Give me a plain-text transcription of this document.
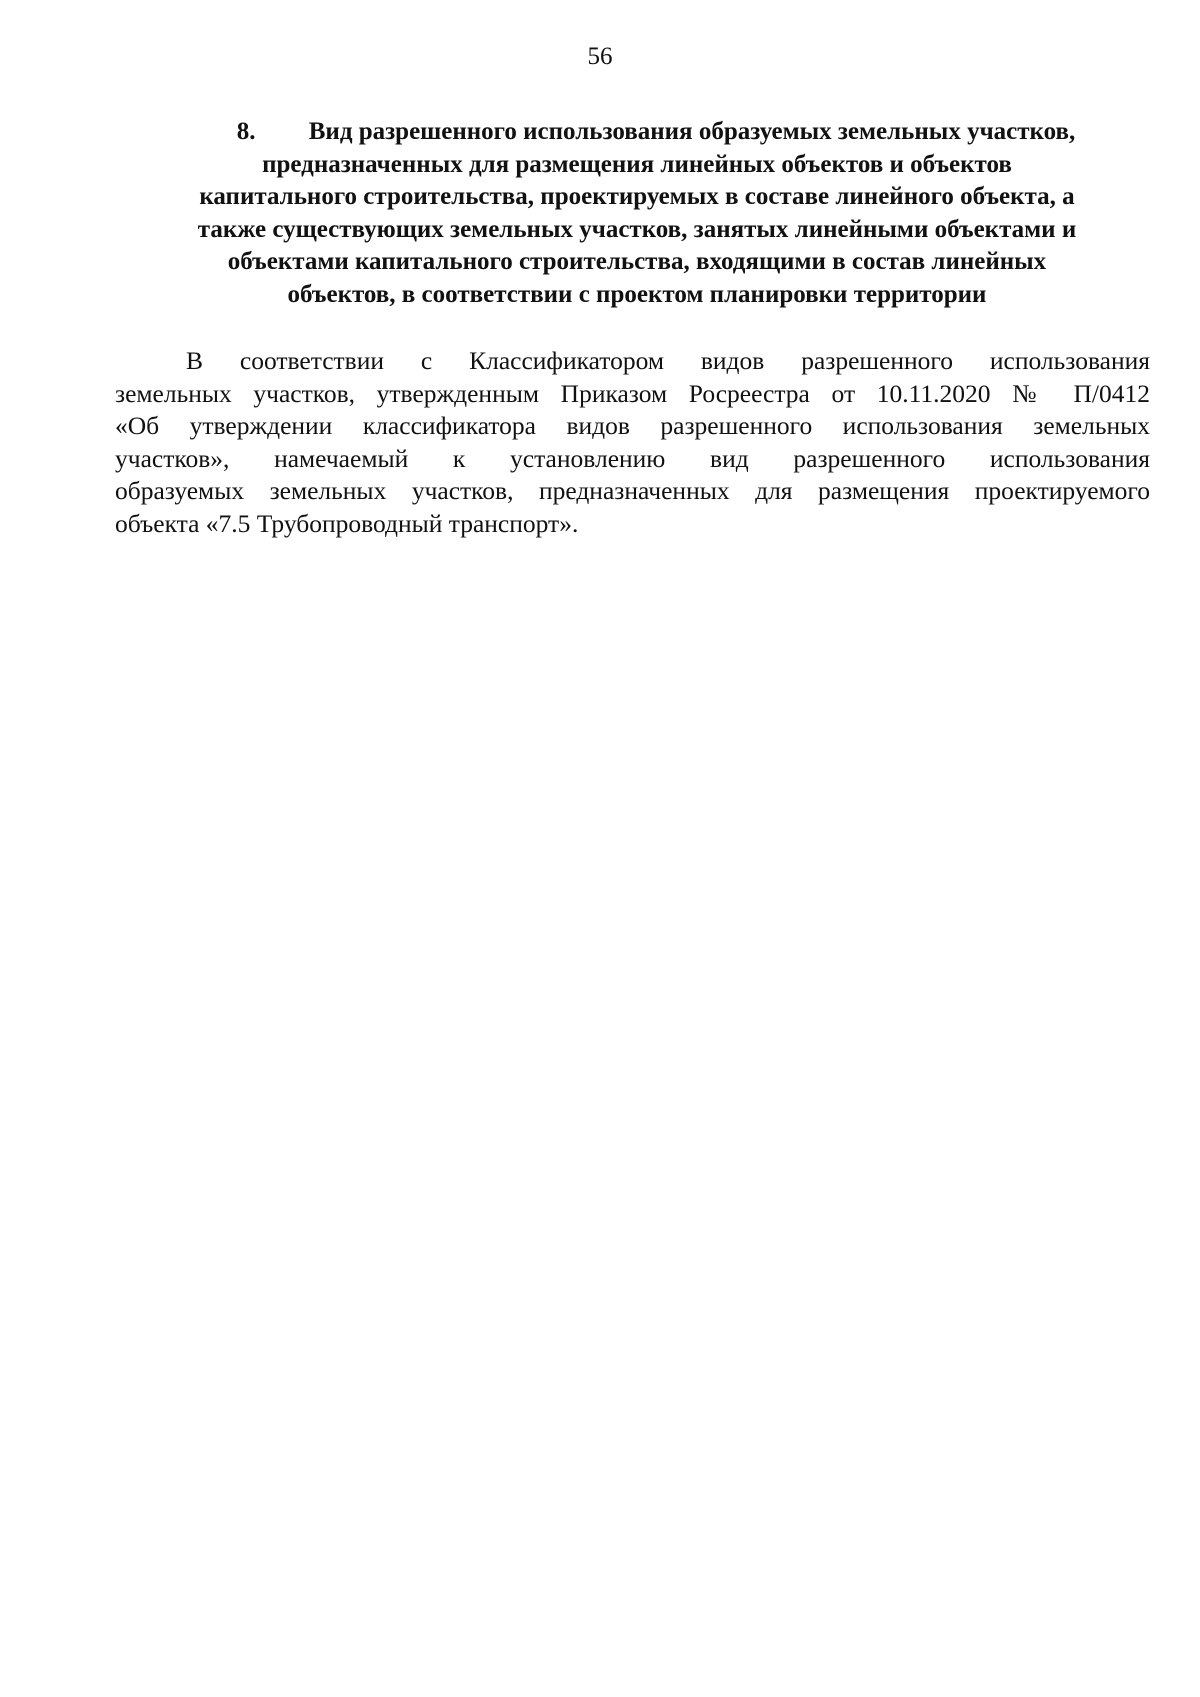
56
8. Вид разрешенного использования образуемых земельных участков,
предназначенных для размещения линейных объектов и объектов
капитального строительства, проектируемых в составе линейного объекта, а
также существующих земельных участков, занятых линейными объектами и
объектами капитального строительства, входящими в состав линейных
объектов, в соответствии с проектом планировки территории
В соответствии с Классификатором видов разрешенного использования
земельных участков, утвержденным Приказом Росреестра от 10.11.2020 № П/0412
«Об утверждении классификатора видов разрешенного использования земельных
участков», намечаемый к установлению вид разрешенного использования
образуемых земельных участков, предназначенных для размещения проектируемого
объекта «7.5 Трубопроводный транспорт».
